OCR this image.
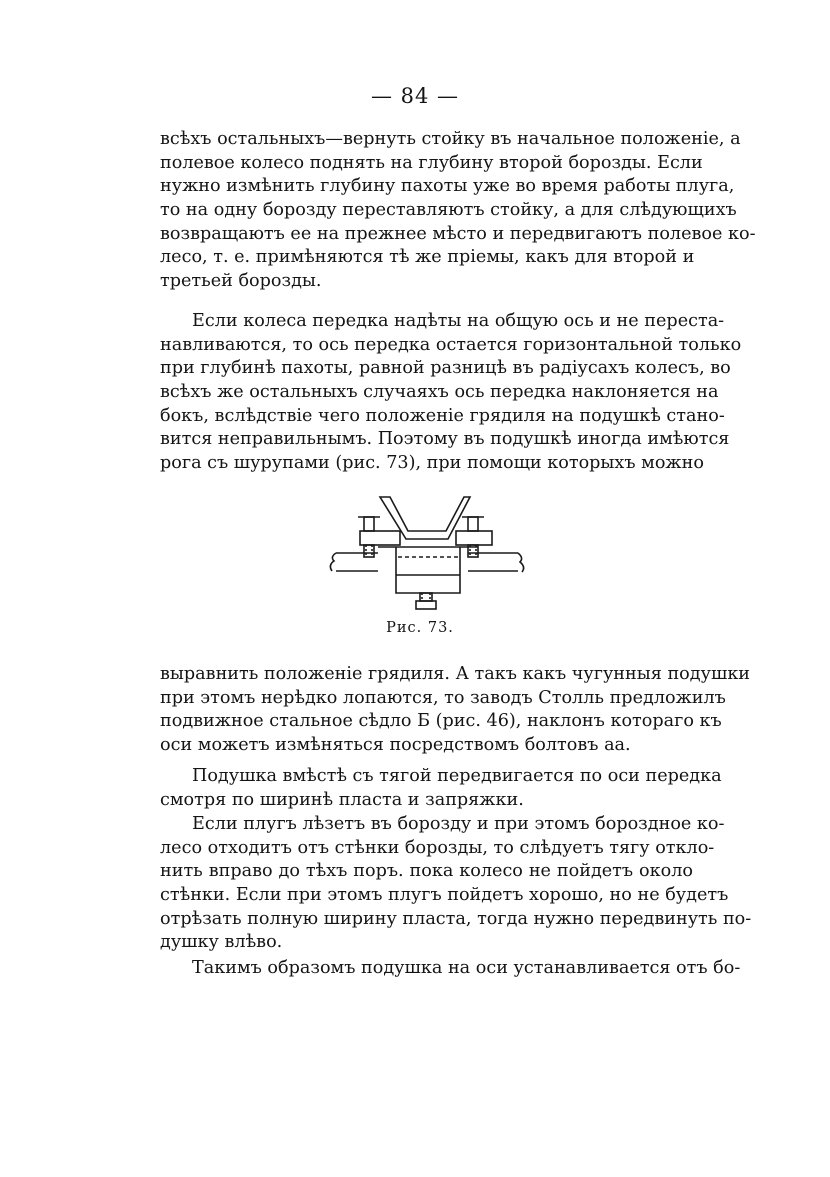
— 84 —
всѣхъ остальныхъ—вернуть стойку въ начальное положеніе, а
полевое колесо поднять на глубину второй борозды. Если
нужно измѣнить глубину пахоты уже во время работы плуга,
то на одну борозду переставляютъ стойку, а для слѣдующихъ
возвращаютъ ее на прежнее мѣсто и передвигаютъ полевое ко-
лесо, т. е. примѣняются тѣ же пріемы, какъ для второй и
третьей борозды.
Если колеса передка надѣты на общую ось и не переста-
навливаются, то ось передка остается горизонтальной только
при глубинѣ пахоты, равной разницѣ въ радіусахъ колесъ, во
всѣхъ же остальныхъ случаяхъ ось передка наклоняется на
бокъ, вслѣдствіе чего положеніе грядиля на подушкѣ стано-
вится неправильнымъ. Поэтому въ подушкѣ иногда имѣются
рога съ шурупами (рис. 73), при помощи которыхъ можно
Рис. 73.
выравнить положеніе грядиля. А такъ какъ чугунныя подушки
при этомъ нерѣдко лопаются, то заводъ Столль предложилъ
подвижное стальное сѣдло Б (рис. 46), наклонъ котораго къ
оси можетъ измѣняться посредствомъ болтовъ аа.
Подушка вмѣстѣ съ тягой передвигается по оси передка
смотря по ширинѣ пласта и запряжки.
Если плугъ лѣзетъ въ борозду и при этомъ бороздное ко-
лесо отходитъ отъ стѣнки борозды, то слѣдуетъ тягу откло-
нить вправо до тѣхъ поръ. пока колесо не пойдетъ около
стѣнки. Если при этомъ плугъ пойдетъ хорошо, но не будетъ
отрѣзать полную ширину пласта, тогда нужно передвинуть по-
душку влѣво.
Такимъ образомъ подушка на оси устанавливается отъ бо-
